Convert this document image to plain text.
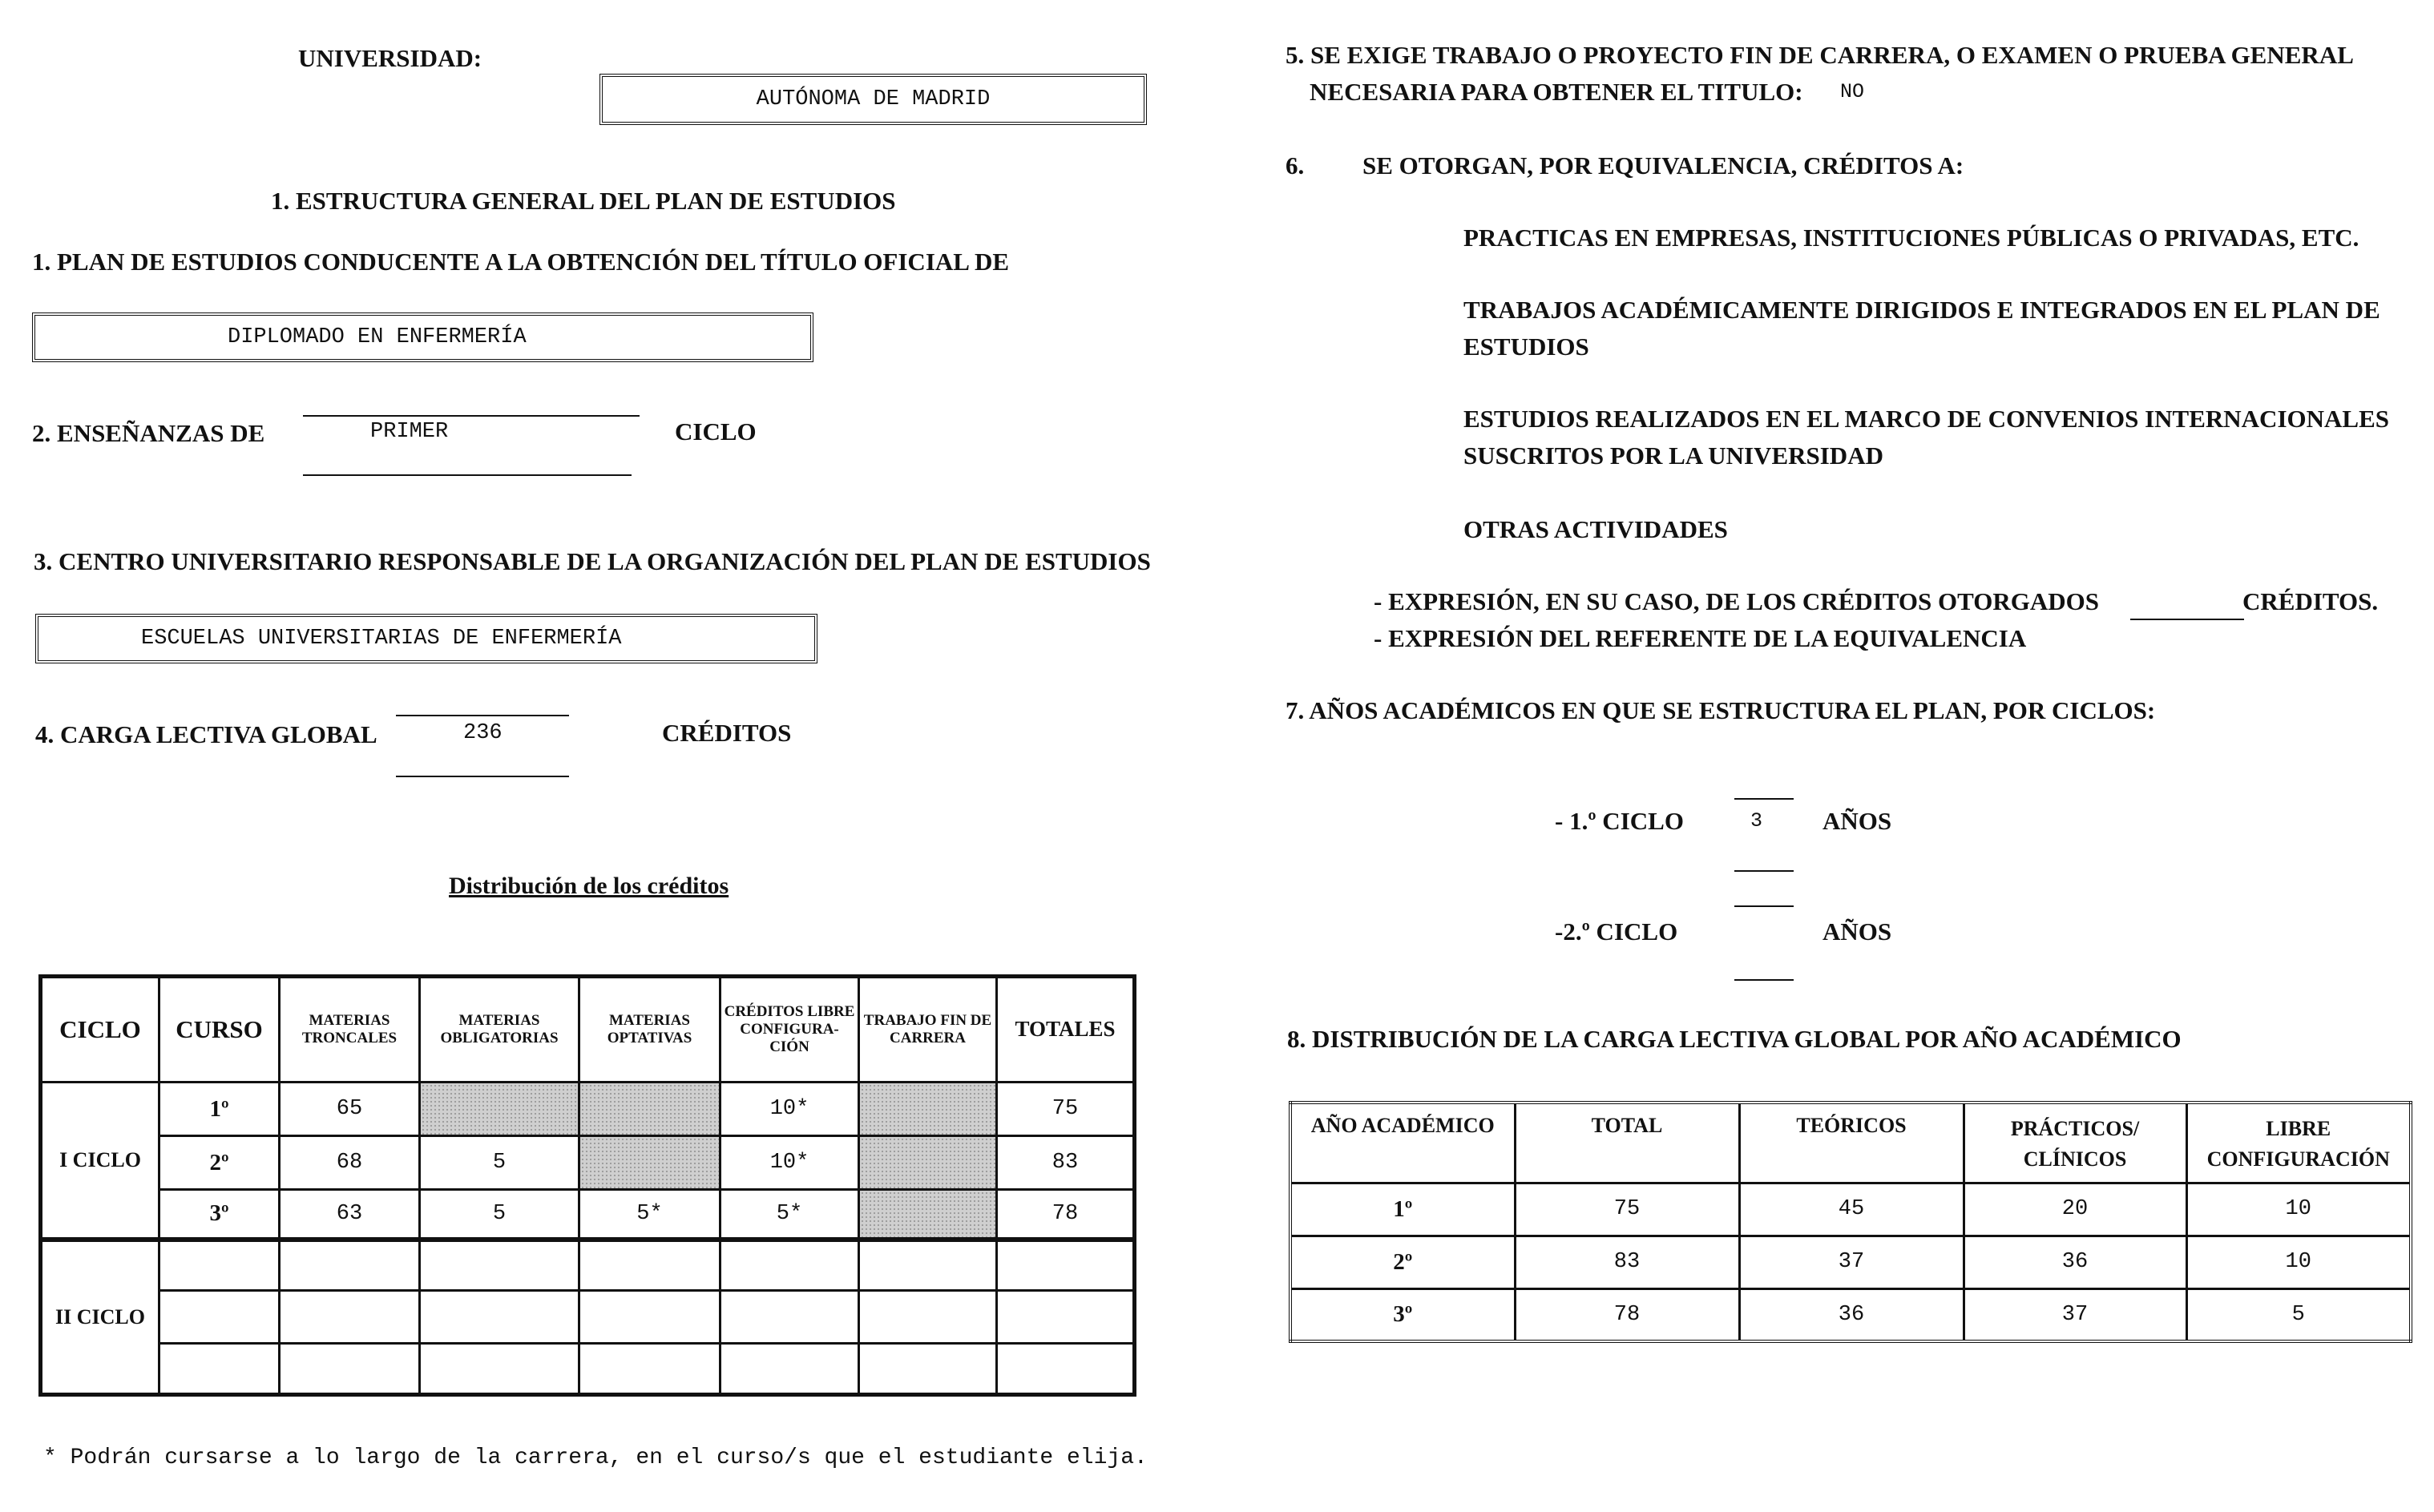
UNIVERSIDAD:
AUTÓNOMA DE MADRID
1. ESTRUCTURA GENERAL DEL PLAN DE ESTUDIOS
1. PLAN DE ESTUDIOS CONDUCENTE A LA OBTENCIÓN DEL TÍTULO OFICIAL DE
DIPLOMADO EN ENFERMERÍA
2. ENSEÑANZAS DE	PRIMER	CICLO
3. CENTRO UNIVERSITARIO RESPONSABLE DE LA ORGANIZACIÓN DEL PLAN DE ESTUDIOS
ESCUELAS UNIVERSITARIAS DE ENFERMERÍA
4. CARGA LECTIVA GLOBAL	236	CRÉDITOS
Distribución de los créditos
CICLO	CURSO	MATERIAS TRONCALES	MATERIAS OBLIGATORIAS	MATERIAS OPTATIVAS	CRÉDITOS LIBRE CONFIGURA- CIÓN	TRABAJO FIN DE CARRERA	TOTALES
I CICLO	1º	65			10*		75
	2º	68	5		10*		83
	3º	63	5	5*	5*		78
II CICLO							

* Podrán cursarse a lo largo de la carrera, en el curso/s que el estudiante elija.
5. SE EXIGE TRABAJO O PROYECTO FIN DE CARRERA, O EXAMEN O PRUEBA GENERAL
NECESARIA PARA OBTENER EL TITULO: NO
6. SE OTORGAN, POR EQUIVALENCIA, CRÉDITOS A:
PRACTICAS EN EMPRESAS, INSTITUCIONES PÚBLICAS O PRIVADAS, ETC.
TRABAJOS ACADÉMICAMENTE DIRIGIDOS E INTEGRADOS EN EL PLAN DE
ESTUDIOS
ESTUDIOS REALIZADOS EN EL MARCO DE CONVENIOS INTERNACIONALES
SUSCRITOS POR LA UNIVERSIDAD
OTRAS ACTIVIDADES
- EXPRESIÓN, EN SU CASO, DE LOS CRÉDITOS OTORGADOS	CRÉDITOS.
- EXPRESIÓN DEL REFERENTE DE LA EQUIVALENCIA
7. AÑOS ACADÉMICOS EN QUE SE ESTRUCTURA EL PLAN, POR CICLOS:
- 1.º CICLO	3 AÑOS
-2.º CICLO	AÑOS
8. DISTRIBUCIÓN DE LA CARGA LECTIVA GLOBAL POR AÑO ACADÉMICO
AÑO ACADÉMICO	TOTAL	TEÓRICOS	PRÁCTICOS/ CLÍNICOS	LIBRE CONFIGURACIÓN
1º	75	45	20	10
2º	83	37	36	10
3º	78	36	37	5
